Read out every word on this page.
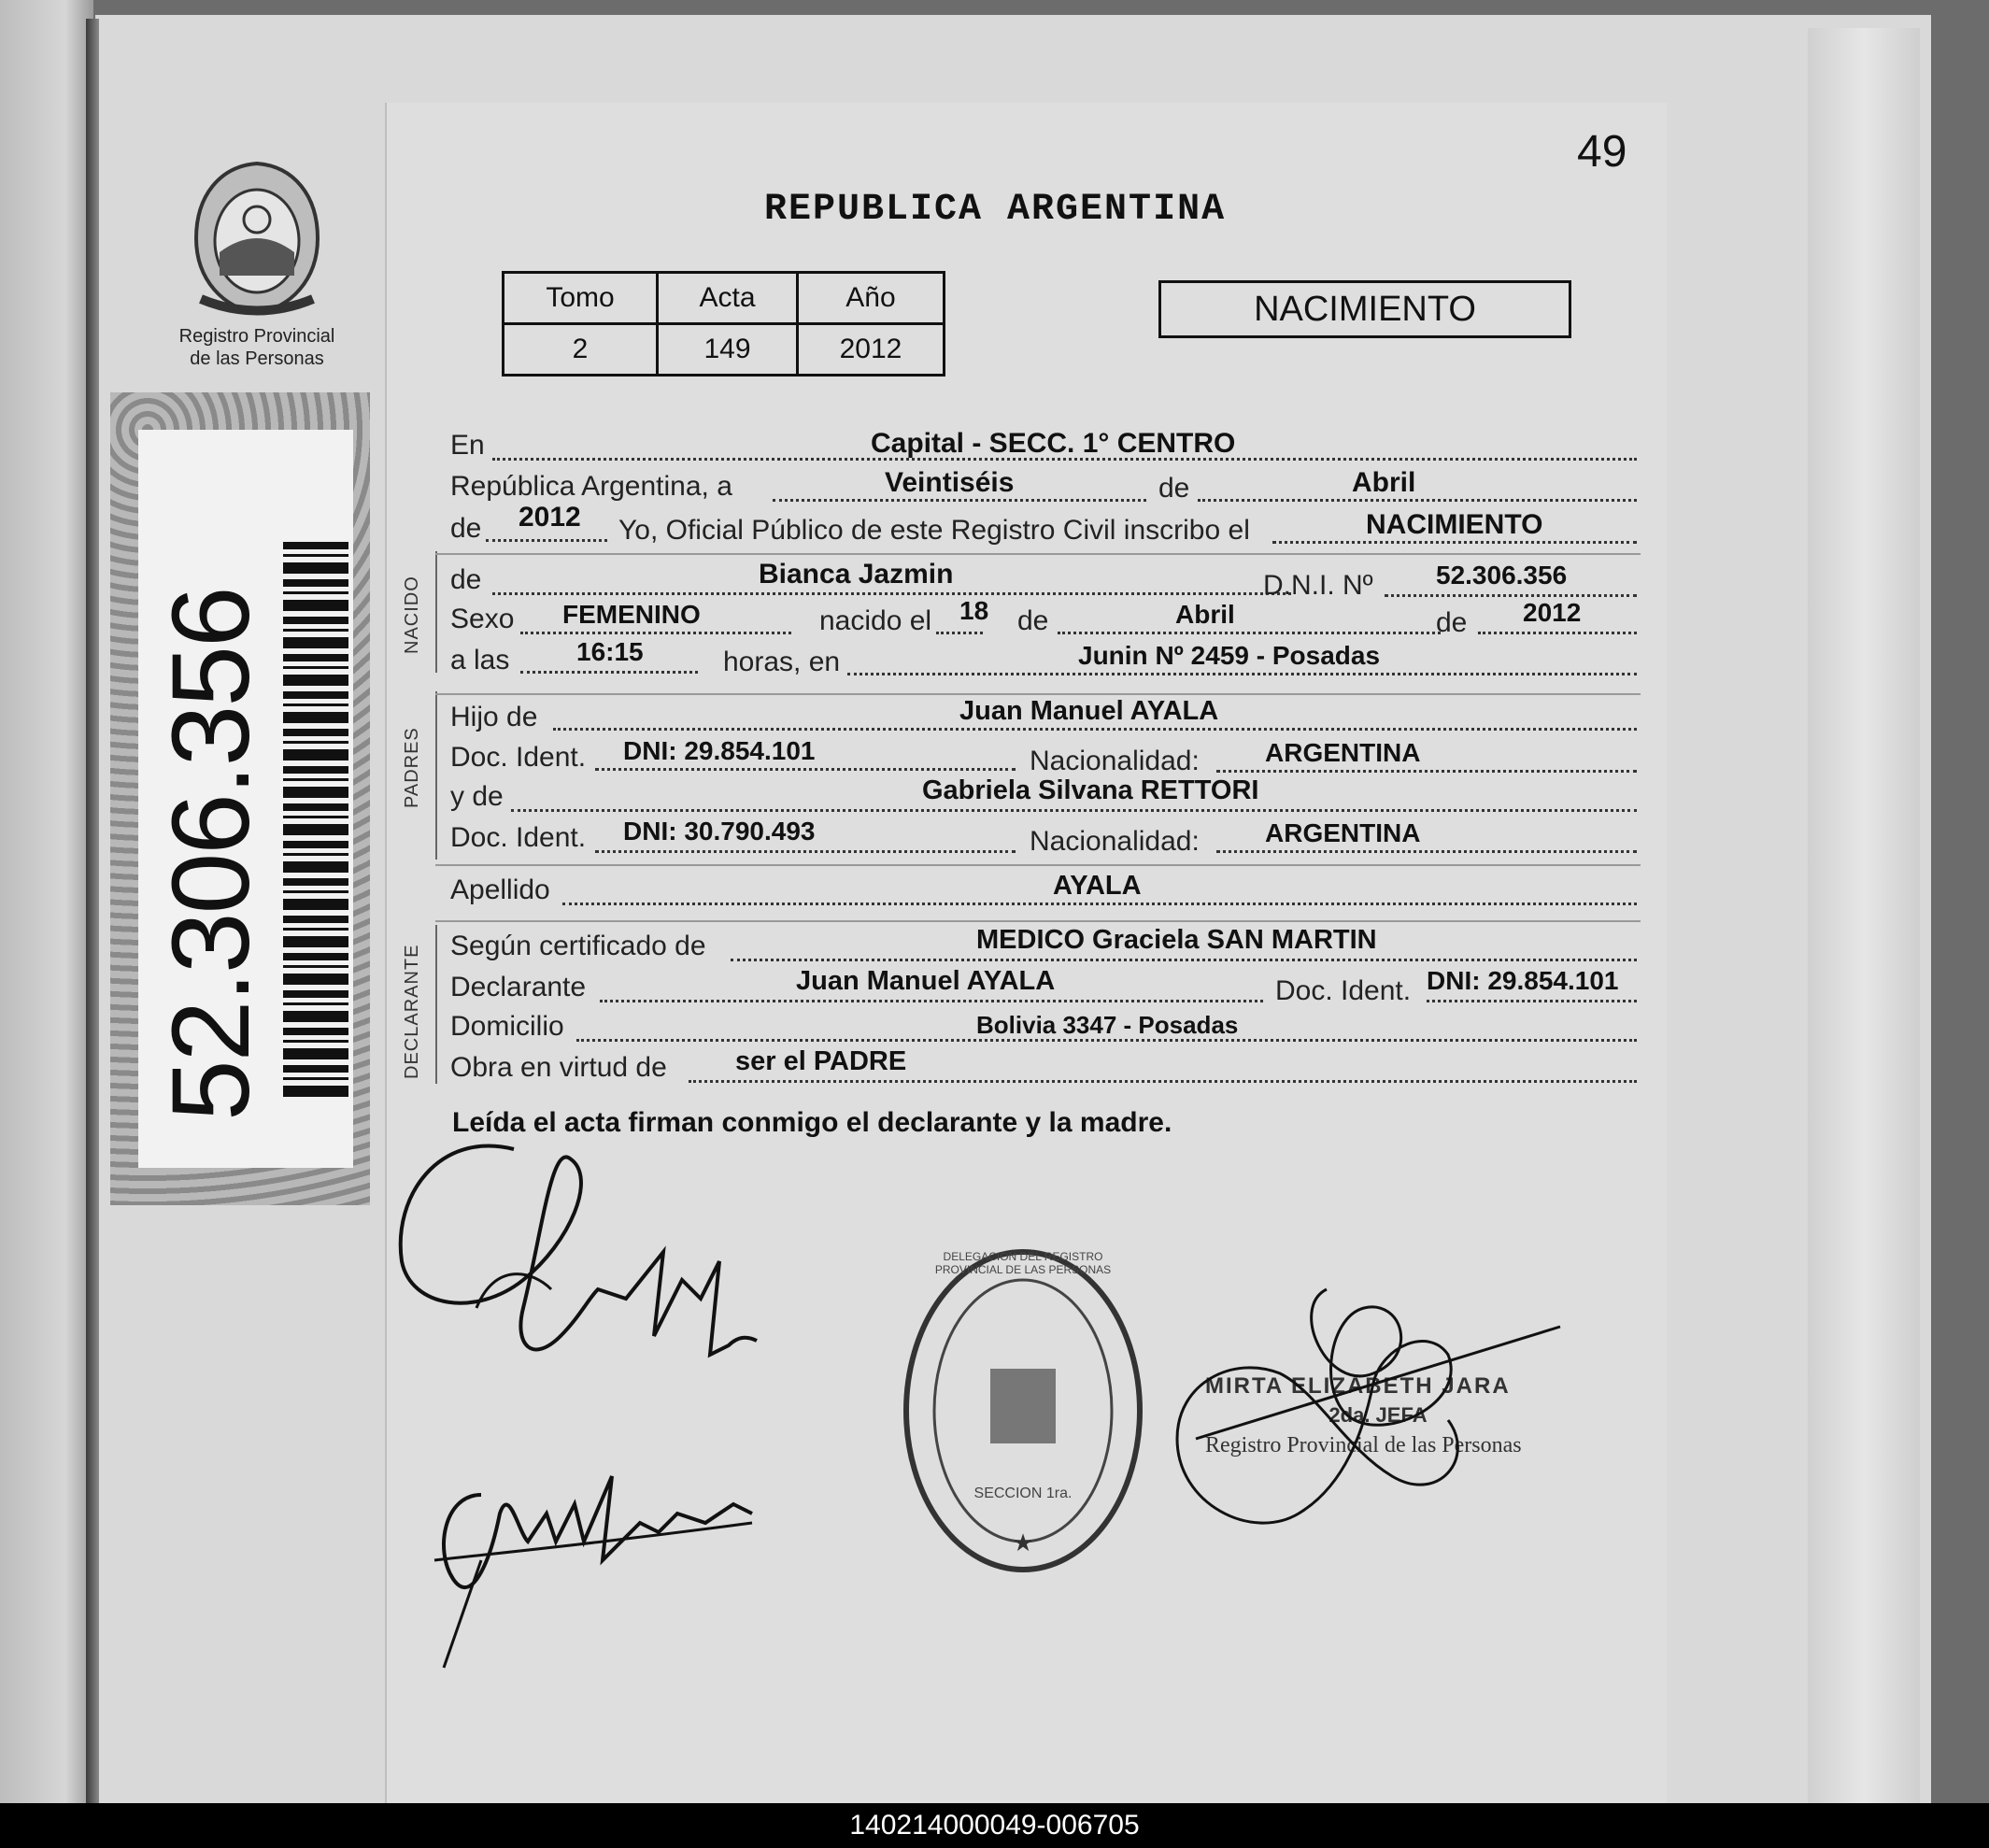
Registro Provincial
de las Personas
52.306.356
49
REPUBLICA ARGENTINA
Tomo	Acta	Año
2	149	2012
NACIMIENTO
NACIDO
PADRES
DECLARANTE
En	Capital - SECC. 1° CENTRO
República Argentina, a	Veintiséis	de	Abril
de 2012 Yo, Oficial Público de este Registro Civil inscribo el	NACIMIENTO
de	Bianca Jazmin	D.N.I. Nº 52.306.356
Sexo FEMENINO	nacido el 18 de	Abril	de 2012
a las	16:15	horas, en	Junin Nº 2459 - Posadas
Hijo de	Juan Manuel AYALA
Doc. Ident. DNI: 29.854.101	Nacionalidad:	ARGENTINA
y de	Gabriela Silvana RETTORI
Doc. Ident. DNI: 30.790.493	Nacionalidad:	ARGENTINA
Apellido	AYALA
Según certificado de	MEDICO Graciela SAN MARTIN
Declarante	Juan Manuel AYALA	Doc. Ident. DNI: 29.854.101
Domicilio	Bolivia 3347 - Posadas
Obra en virtud de	ser el PADRE
Leída el acta firman conmigo el declarante y la madre.
★
DELEGACION DEL REGISTRO PROVINCIAL DE LAS PERSONAS
SECCION 1ra.
MIRTA ELIZABETH JARA
2da. JEFA
Registro Provincial de las Personas
140214000049-006705
